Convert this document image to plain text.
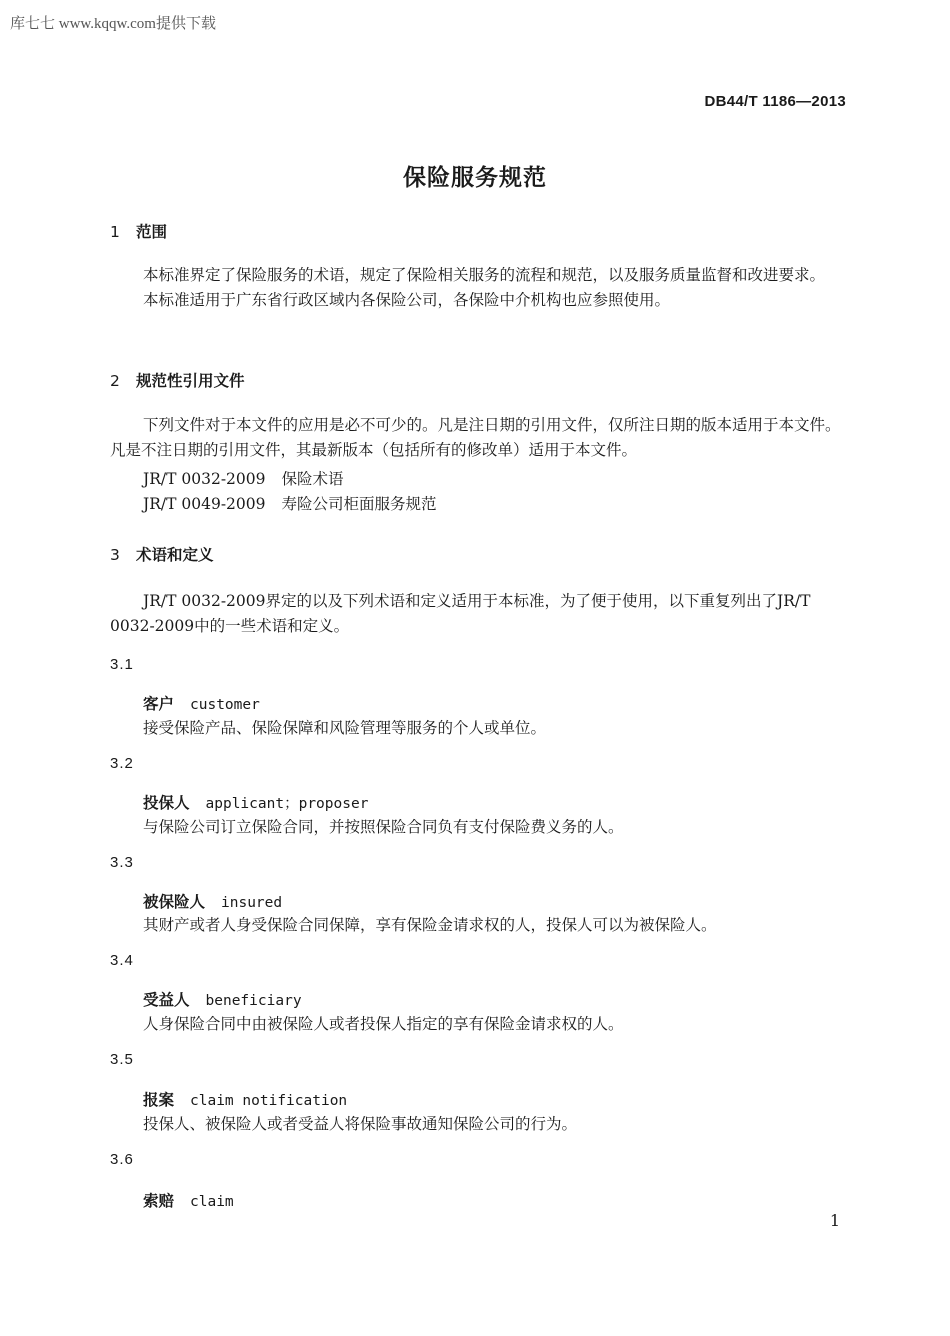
库七七 www.kqqw.com提供下载
DB44/T 1186—2013
保险服务规范
1 范围

本标准界定了保险服务的术语，规定了保险相关服务的流程和规范，以及服务质量监督和改进要求。

本标准适用于广东省行政区域内各保险公司，各保险中介机构也应参照使用。

2 规范性引用文件

下列文件对于本文件的应用是必不可少的。凡是注日期的引用文件，仅所注日期的版本适用于本文件。凡是不注日期的引用文件，其最新版本（包括所有的修改单）适用于本文件。

JR/T 0032-2009 保险术语
JR/T 0049-2009 寿险公司柜面服务规范
3 术语和定义

JR/T 0032-2009界定的以及下列术语和定义适用于本标准，为了便于使用，以下重复列出了JR/T 0032-2009中的一些术语和定义。

3.1
客户 customer
接受保险产品、保险保障和风险管理等服务的个人或单位。
3.2
投保人 applicant；proposer
与保险公司订立保险合同，并按照保险合同负有支付保险费义务的人。
3.3
被保险人 insured
其财产或者人身受保险合同保障，享有保险金请求权的人，投保人可以为被保险人。
3.4
受益人 beneficiary
人身保险合同中由被保险人或者投保人指定的享有保险金请求权的人。
3.5
报案 claim notification
投保人、被保险人或者受益人将保险事故通知保险公司的行为。
3.6
索赔 claim
1
